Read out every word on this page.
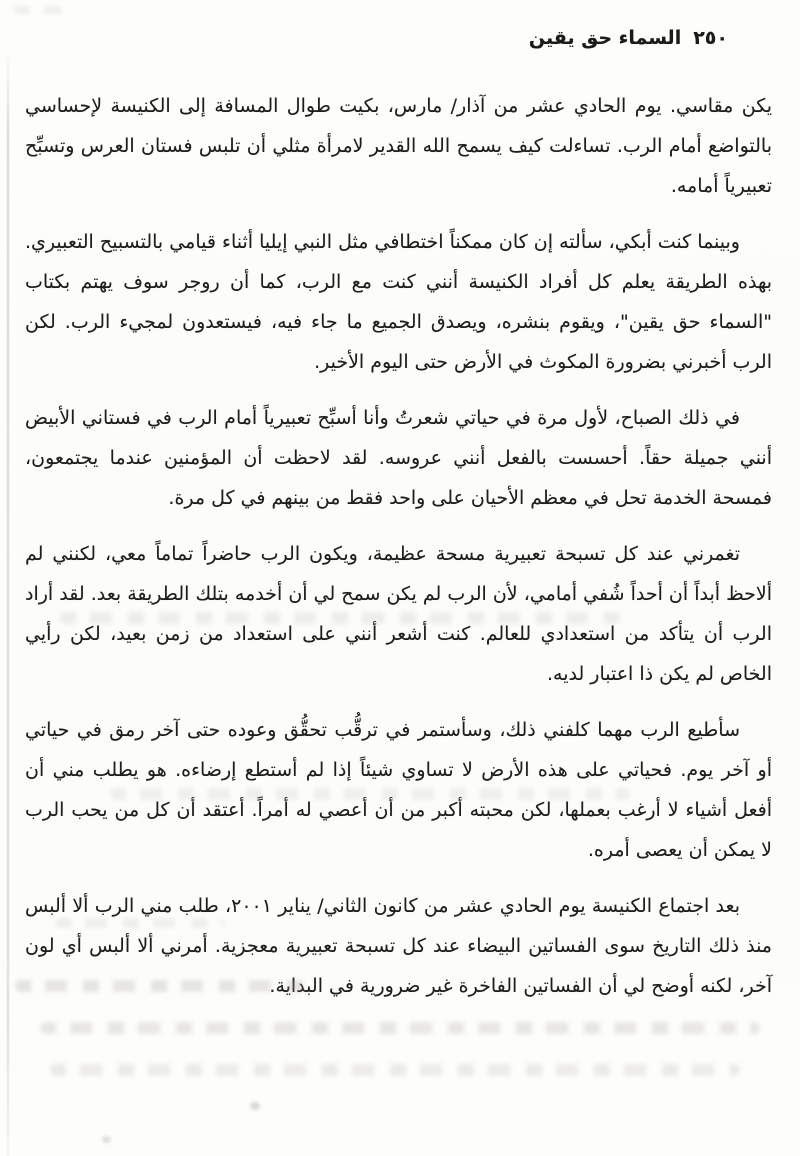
٢٥٠
السماء حق يقين

يكن مقاسي. يوم الحادي عشر من آذار/ مارس، بكيت طوال المسافة إلى الكنيسة لإحساسي بالتواضع أمام الرب. تساءلت كيف يسمح الله القدير لامرأة مثلي أن تلبس فستان العرس وتسبِّح تعبيرياً أمامه.

وبينما كنت أبكي، سألته إن كان ممكناً اختطافي مثل النبي إيليا أثناء قيامي بالتسبيح التعبيري. بهذه الطريقة يعلم كل أفراد الكنيسة أنني كنت مع الرب، كما أن روجر سوف يهتم بكتاب "السماء حق يقين"، ويقوم بنشره، ويصدق الجميع ما جاء فيه، فيستعدون لمجيء الرب. لكن الرب أخبرني بضرورة المكوث في الأرض حتى اليوم الأخير.

في ذلك الصباح، لأول مرة في حياتي شعرتُ وأنا أسبِّح تعبيرياً أمام الرب في فستاني الأبيض أنني جميلة حقاً. أحسست بالفعل أنني عروسه. لقد لاحظت أن المؤمنين عندما يجتمعون، فمسحة الخدمة تحل في معظم الأحيان على واحد فقط من بينهم في كل مرة.

تغمرني عند كل تسبحة تعبيرية مسحة عظيمة، ويكون الرب حاضراً تماماً معي، لكنني لم ألاحظ أبداً أن أحداً شُفي أمامي، لأن الرب لم يكن سمح لي أن أخدمه بتلك الطريقة بعد. لقد أراد الرب أن يتأكد من استعدادي للعالم. كنت أشعر أنني على استعداد من زمن بعيد، لكن رأيي الخاص لم يكن ذا اعتبار لديه.

سأطيع الرب مهما كلفني ذلك، وسأستمر في ترقُّب تحقُّق وعوده حتى آخر رمق في حياتي أو آخر يوم. فحياتي على هذه الأرض لا تساوي شيئاً إذا لم أستطع إرضاءه. هو يطلب مني أن أفعل أشياء لا أرغب بعملها، لكن محبته أكبر من أن أعصي له أمراً. أعتقد أن كل من يحب الرب لا يمكن أن يعصى أمره.

بعد اجتماع الكنيسة يوم الحادي عشر من كانون الثاني/ يناير ٢٠٠١، طلب مني الرب ألا ألبس منذ ذلك التاريخ سوى الفساتين البيضاء عند كل تسبحة تعبيرية معجزية. أمرني ألا ألبس أي لون آخر، لكنه أوضح لي أن الفساتين الفاخرة غير ضرورية في البداية.
